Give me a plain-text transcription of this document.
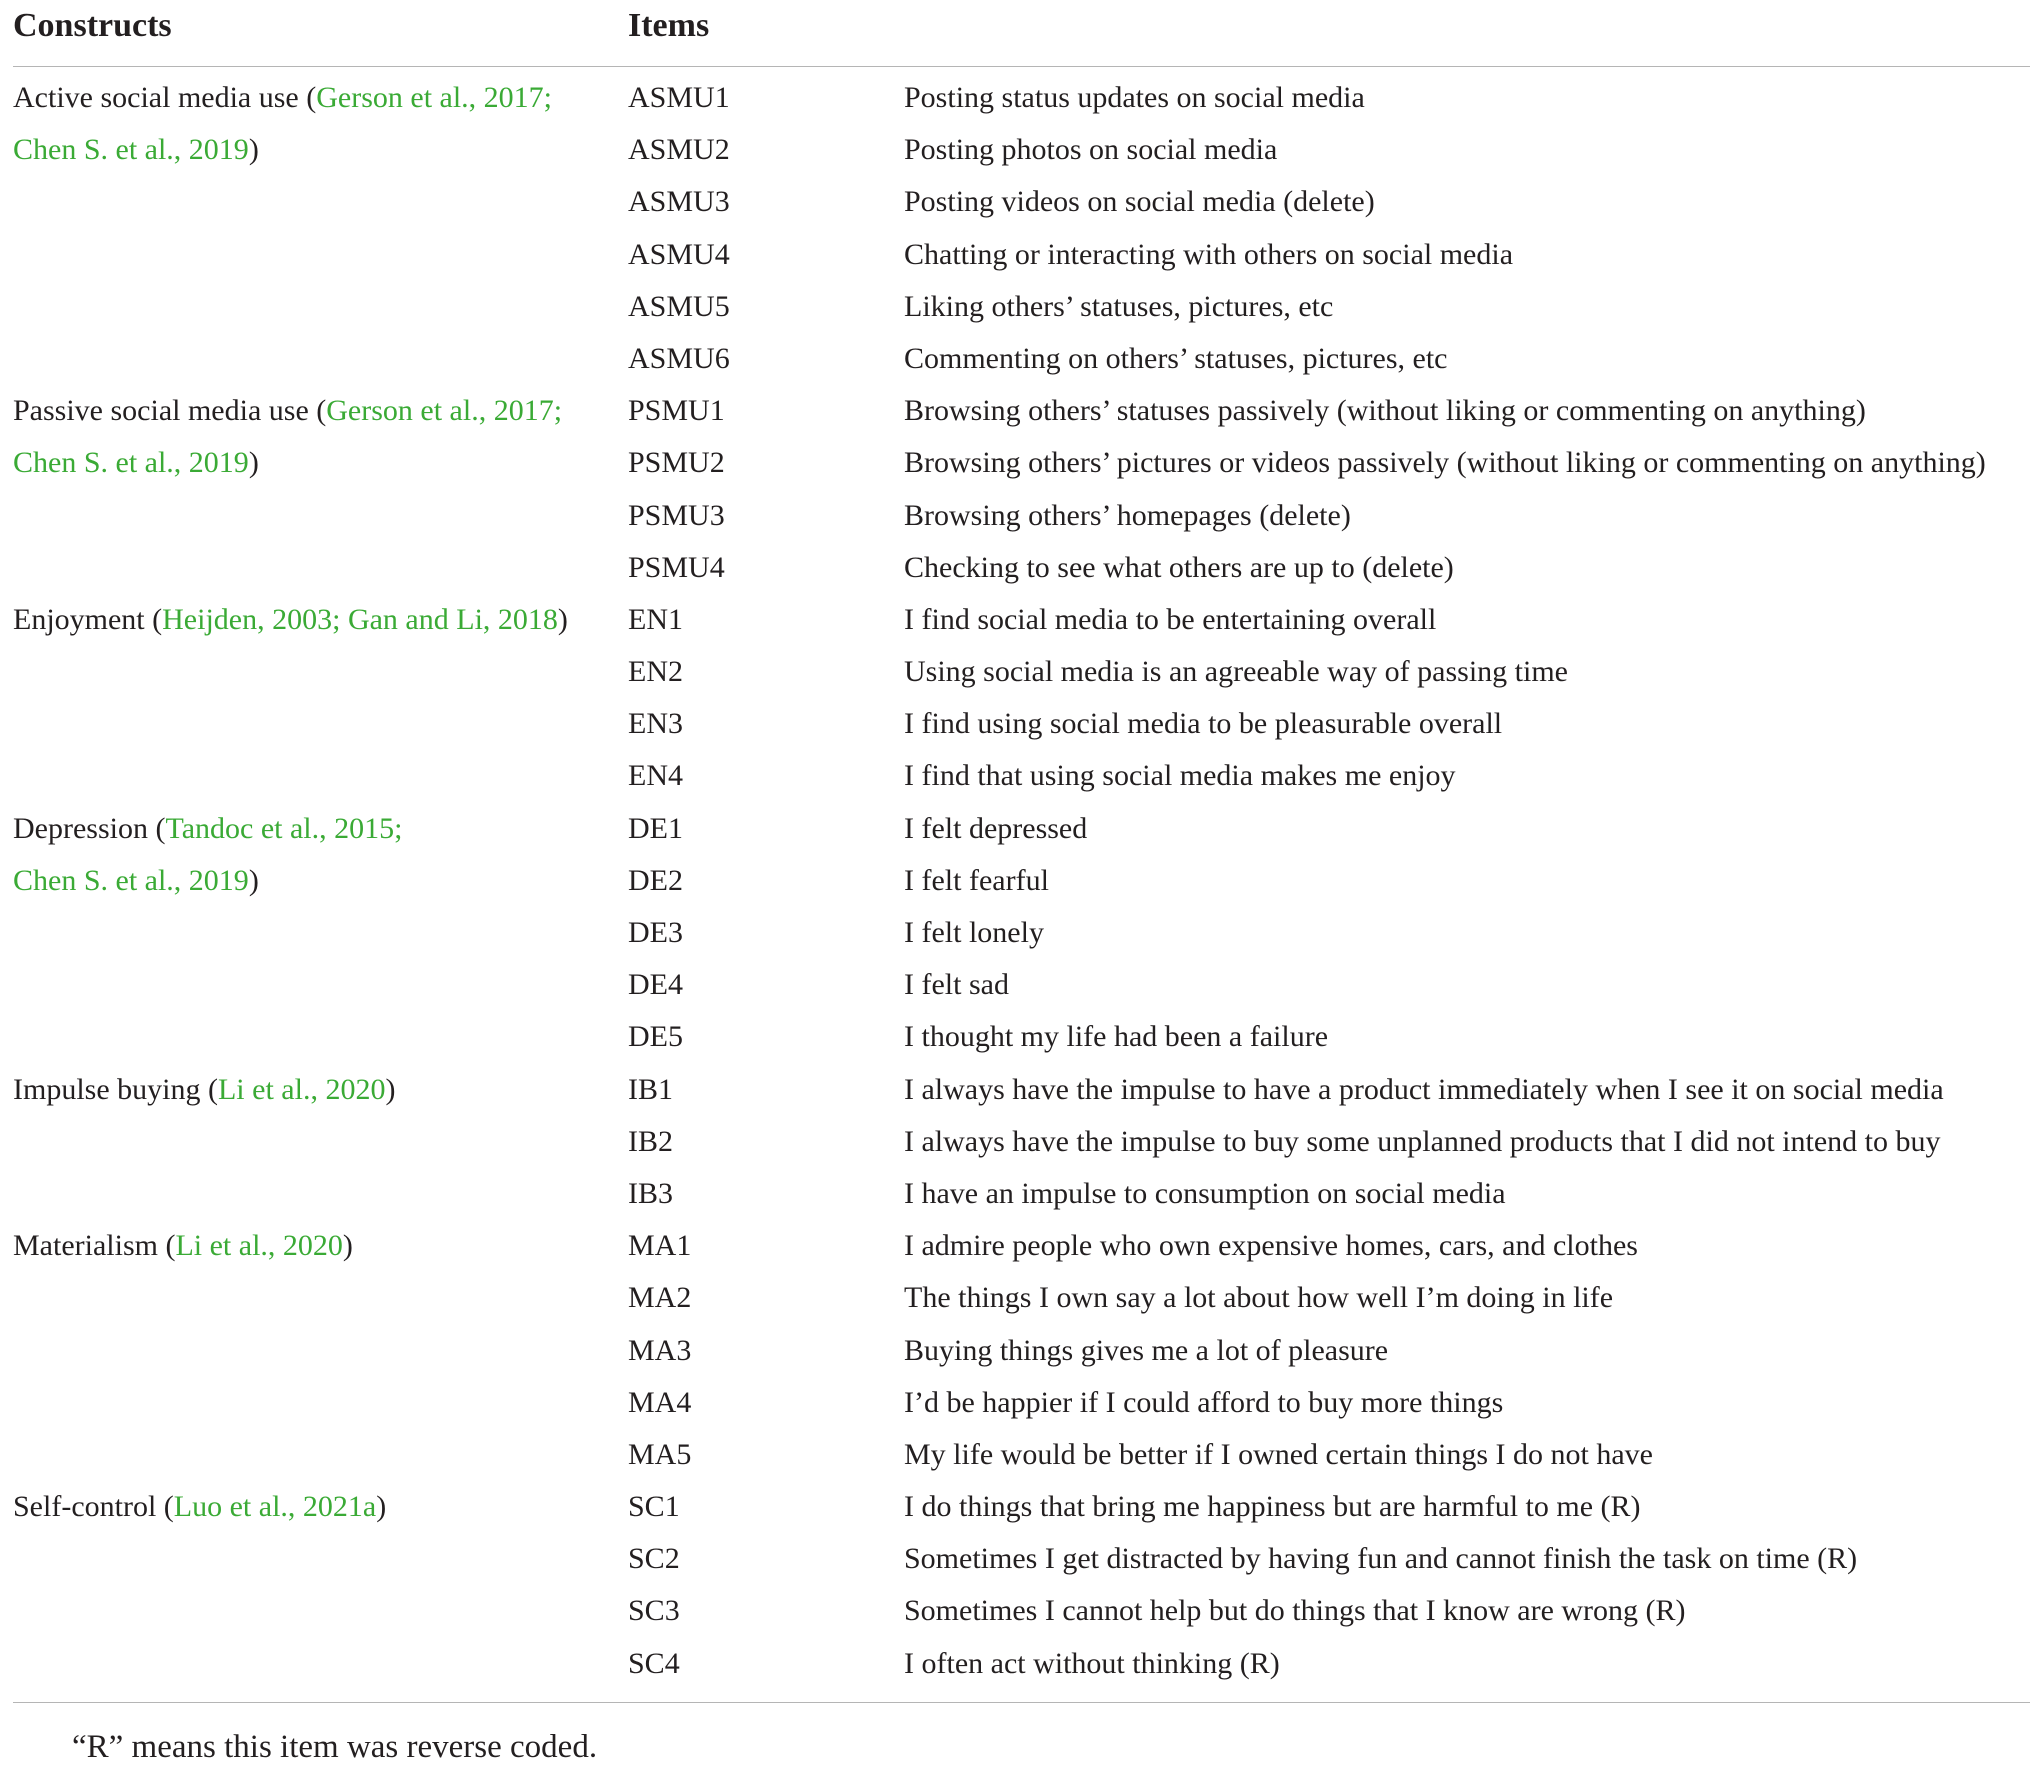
Constructs	Items
Active social media use (Gerson et al., 2017;	ASMU1	Posting status updates on social media
Chen S. et al., 2019)	ASMU2	Posting photos on social media
ASMU3	Posting videos on social media (delete)
ASMU4	Chatting or interacting with others on social media
ASMU5	Liking others’ statuses, pictures, etc
ASMU6	Commenting on others’ statuses, pictures, etc
Passive social media use (Gerson et al., 2017;	PSMU1	Browsing others’ statuses passively (without liking or commenting on anything)
Chen S. et al., 2019)	PSMU2	Browsing others’ pictures or videos passively (without liking or commenting on anything)
PSMU3	Browsing others’ homepages (delete)
PSMU4	Checking to see what others are up to (delete)
Enjoyment (Heijden, 2003; Gan and Li, 2018)	EN1	I find social media to be entertaining overall
EN2	Using social media is an agreeable way of passing time
EN3	I find using social media to be pleasurable overall
EN4	I find that using social media makes me enjoy
Depression (Tandoc et al., 2015;	DE1	I felt depressed
Chen S. et al., 2019)	DE2	I felt fearful
DE3	I felt lonely
DE4	I felt sad
DE5	I thought my life had been a failure
Impulse buying (Li et al., 2020)	IB1	I always have the impulse to have a product immediately when I see it on social media
IB2	I always have the impulse to buy some unplanned products that I did not intend to buy
IB3	I have an impulse to consumption on social media
Materialism (Li et al., 2020)	MA1	I admire people who own expensive homes, cars, and clothes
MA2	The things I own say a lot about how well I’m doing in life
MA3	Buying things gives me a lot of pleasure
MA4	I’d be happier if I could afford to buy more things
MA5	My life would be better if I owned certain things I do not have
Self-control (Luo et al., 2021a)	SC1	I do things that bring me happiness but are harmful to me (R)
SC2	Sometimes I get distracted by having fun and cannot finish the task on time (R)
SC3	Sometimes I cannot help but do things that I know are wrong (R)
SC4	I often act without thinking (R)
“R” means this item was reverse coded.
